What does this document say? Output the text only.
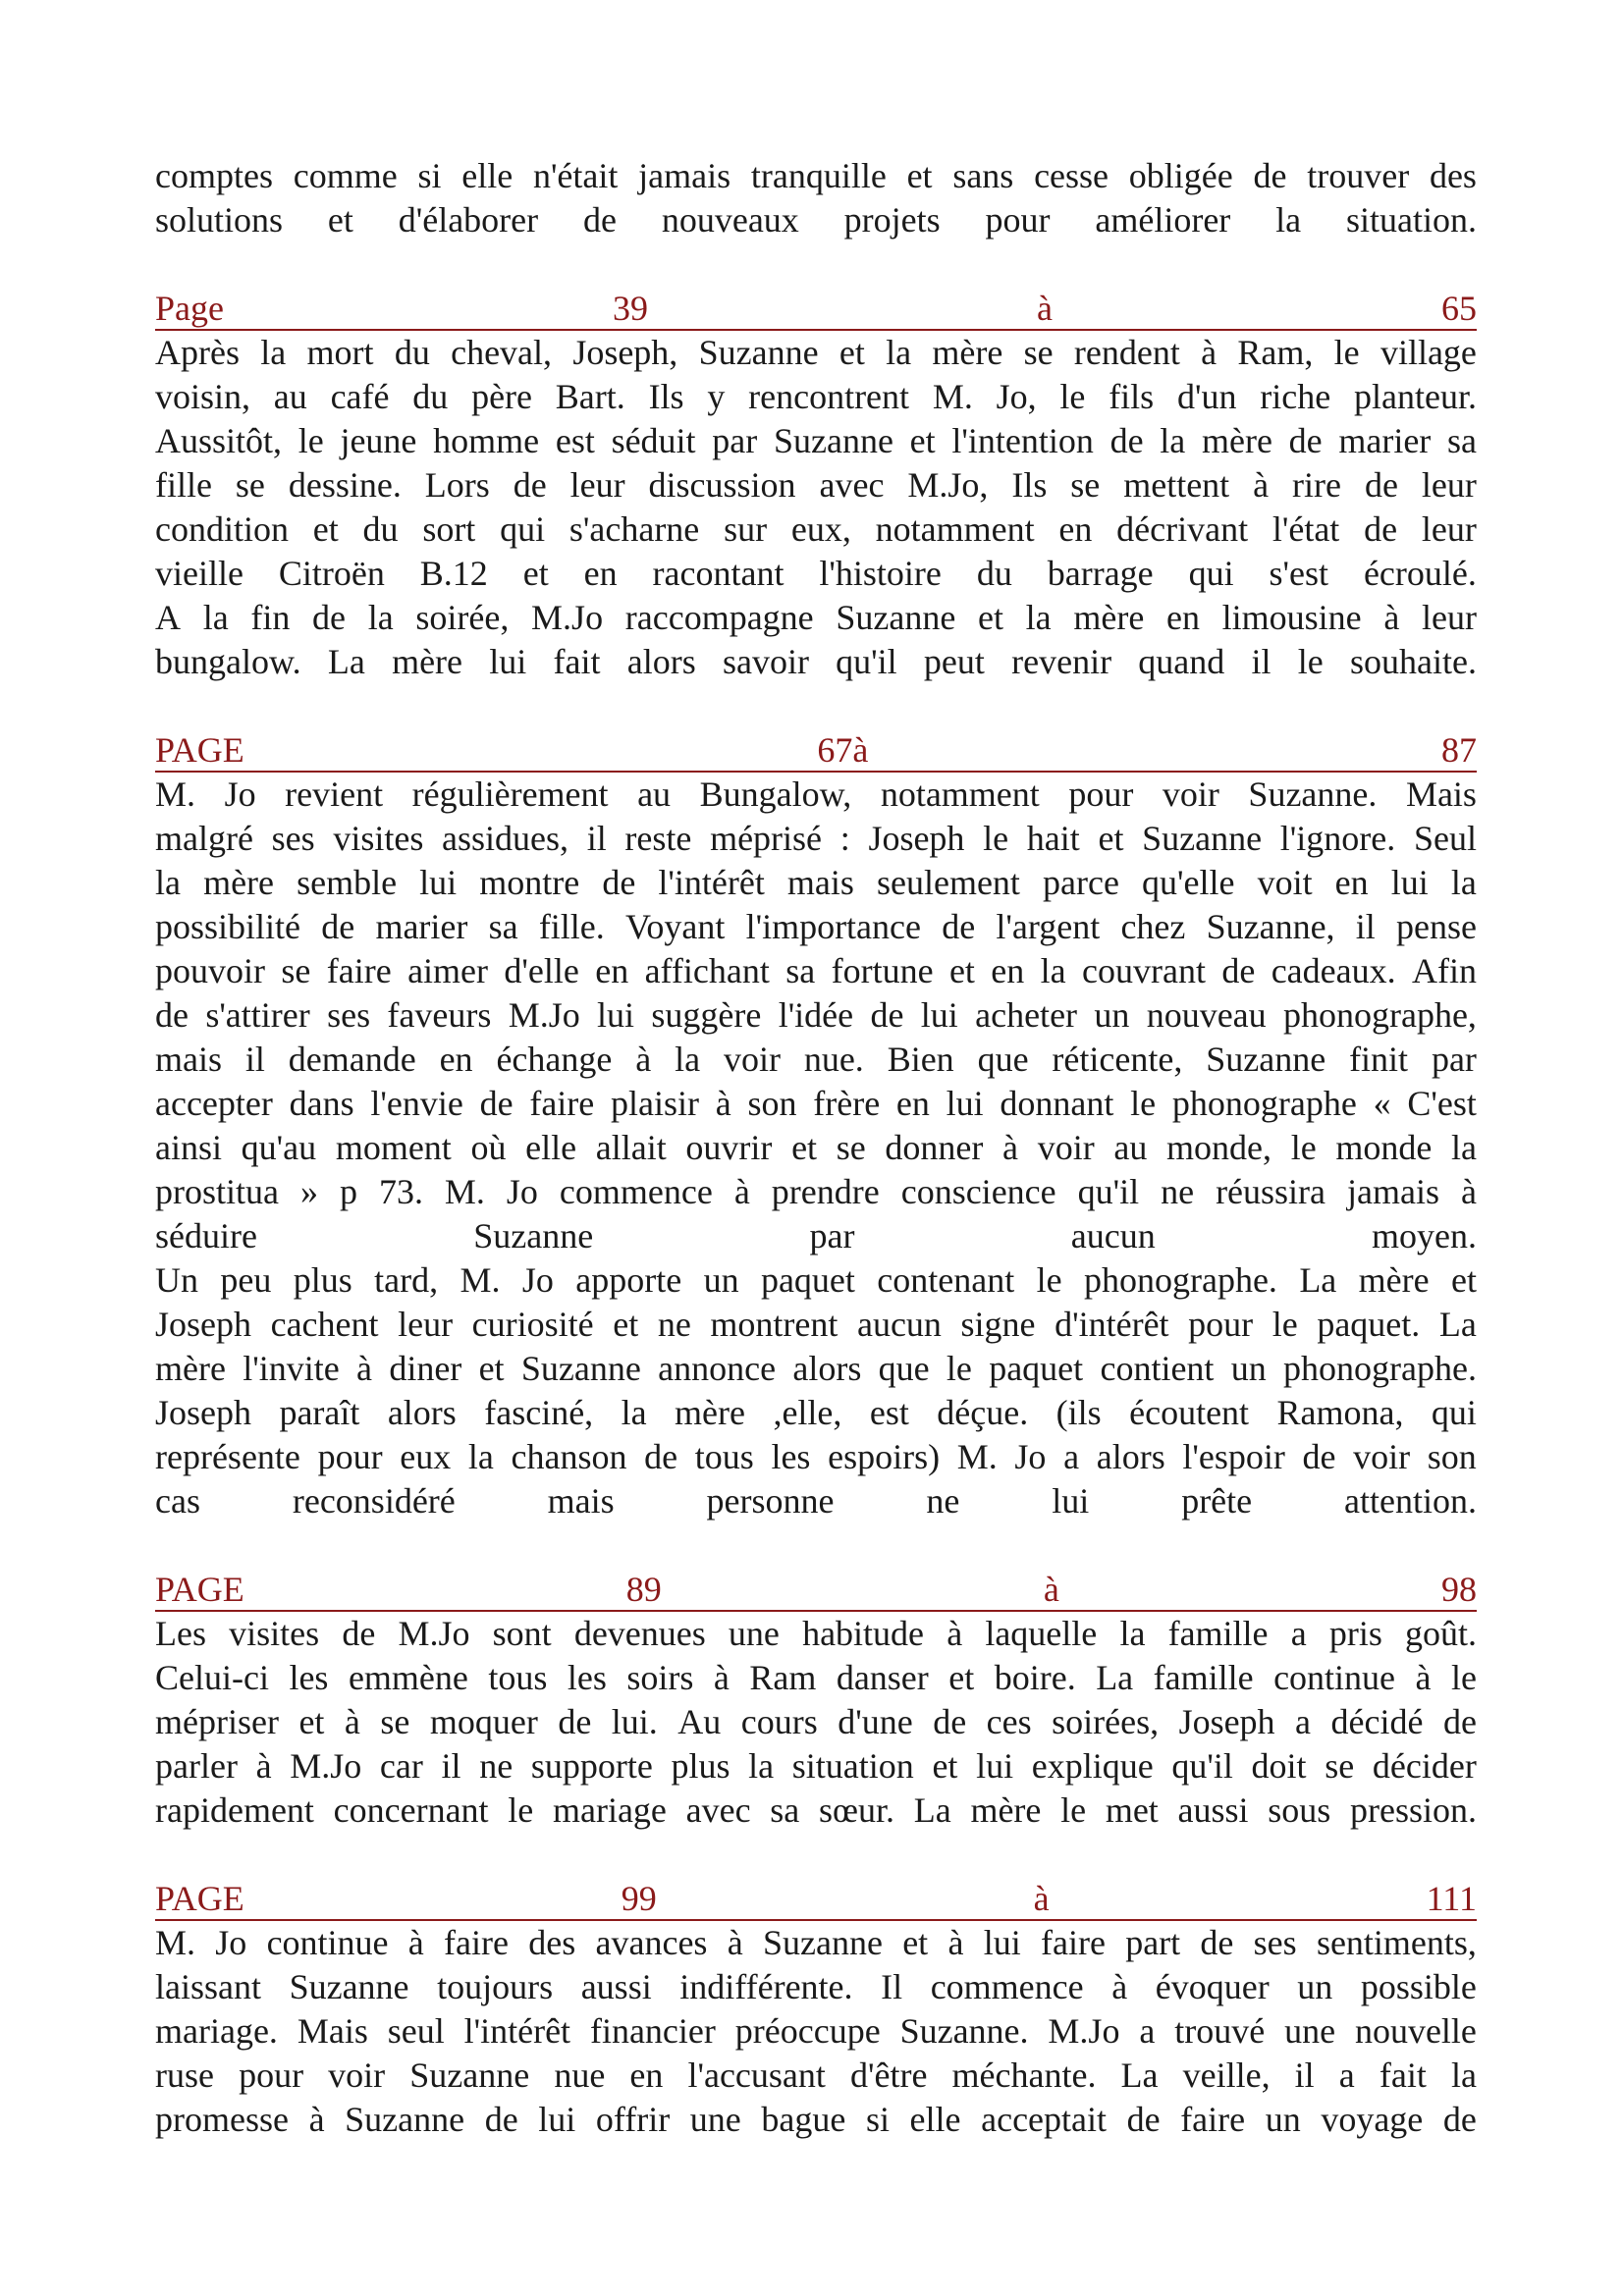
comptes comme si elle n'était jamais tranquille et sans cesse obligée de trouver des
solutions et d'élaborer de nouveaux projets pour améliorer la situation.
Page	39	à	65
Après la mort du cheval, Joseph, Suzanne et la mère se rendent à Ram, le village
voisin, au café du père Bart. Ils y rencontrent M. Jo, le fils d'un riche planteur.
Aussitôt, le jeune homme est séduit par Suzanne et l'intention de la mère de marier sa
fille se dessine. Lors de leur discussion avec M.Jo, Ils se mettent à rire de leur
condition et du sort qui s'acharne sur eux, notamment en décrivant l'état de leur
vieille Citroën B.12 et en racontant l'histoire du barrage qui s'est écroulé.
A la fin de la soirée, M.Jo raccompagne Suzanne et la mère en limousine à leur
bungalow. La mère lui fait alors savoir qu'il peut revenir quand il le souhaite.
PAGE	67à	87
M. Jo revient régulièrement au Bungalow, notamment pour voir Suzanne. Mais
malgré ses visites assidues, il reste méprisé : Joseph le hait et Suzanne l'ignore. Seul
la mère semble lui montre de l'intérêt mais seulement parce qu'elle voit en lui la
possibilité de marier sa fille. Voyant l'importance de l'argent chez Suzanne, il pense
pouvoir se faire aimer d'elle en affichant sa fortune et en la couvrant de cadeaux. Afin
de s'attirer ses faveurs M.Jo lui suggère l'idée de lui acheter un nouveau phonographe,
mais il demande en échange à la voir nue. Bien que réticente, Suzanne finit par
accepter dans l'envie de faire plaisir à son frère en lui donnant le phonographe « C'est
ainsi qu'au moment où elle allait ouvrir et se donner à voir au monde, le monde la
prostitua » p 73. M. Jo commence à prendre conscience qu'il ne réussira jamais à
séduire	Suzanne	par	aucun	moyen.
Un peu plus tard, M. Jo apporte un paquet contenant le phonographe. La mère et
Joseph cachent leur curiosité et ne montrent aucun signe d'intérêt pour le paquet. La
mère l'invite à diner et Suzanne annonce alors que le paquet contient un phonographe.
Joseph paraît alors fasciné, la mère ,elle, est déçue. (ils écoutent Ramona, qui
représente pour eux la chanson de tous les espoirs) M. Jo a alors l'espoir de voir son
cas	reconsidéré	mais	personne	ne	lui	prête	attention.
PAGE	89	à	98
Les visites de M.Jo sont devenues une habitude à laquelle la famille a pris goût.
Celui-ci les emmène tous les soirs à Ram danser et boire. La famille continue à le
mépriser et à se moquer de lui. Au cours d'une de ces soirées, Joseph a décidé de
parler à M.Jo car il ne supporte plus la situation et lui explique qu'il doit se décider
rapidement concernant le mariage avec sa sœur. La mère le met aussi sous pression.
PAGE	99	à	111
M. Jo continue à faire des avances à Suzanne et à lui faire part de ses sentiments,
laissant Suzanne toujours aussi indifférente. Il commence à évoquer un possible
mariage. Mais seul l'intérêt financier préoccupe Suzanne. M.Jo a trouvé une nouvelle
ruse pour voir Suzanne nue en l'accusant d'être méchante. La veille, il a fait la
promesse à Suzanne de lui offrir une bague si elle acceptait de faire un voyage de
